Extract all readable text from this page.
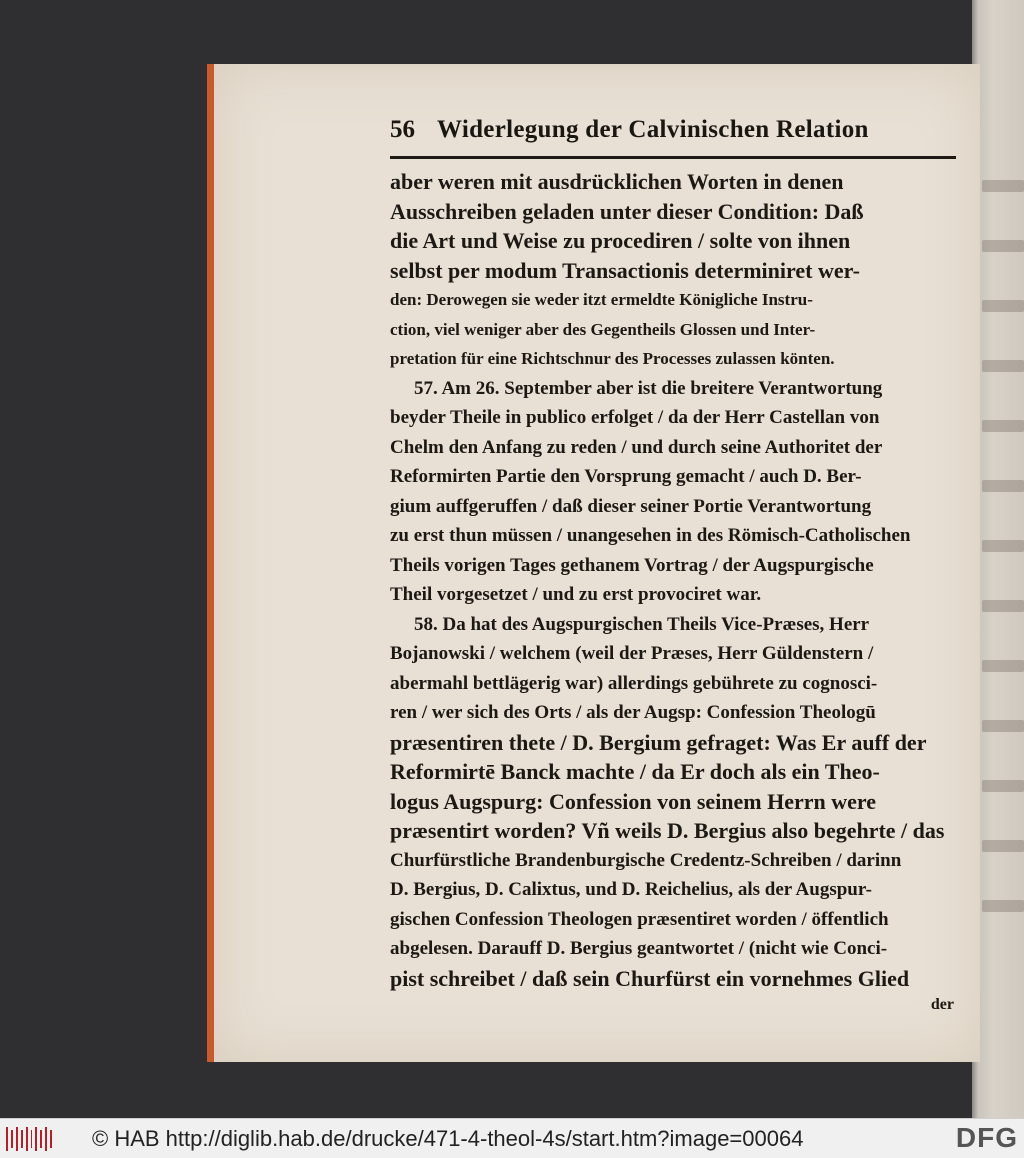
56 Widerlegung der Calvinischen Relation
aber weren mit ausdrücklichen Worten in denen
Ausschreiben geladen unter dieser Condition: Daß
die Art und Weise zu procediren / solte von ihnen
selbst per modum Transactionis determiniret wer-
den: Derowegen sie weder itzt ermeldte Königliche Instru-
ction, viel weniger aber des Gegentheils Glossen und Inter-
pretation für eine Richtschnur des Processes zulassen könten.
57. Am 26. September aber ist die breitere Verantwortung
beyder Theile in publico erfolget / da der Herr Castellan von
Chelm den Anfang zu reden / und durch seine Authoritet der
Reformirten Partie den Vorsprung gemacht / auch D. Ber-
gium auffgeruffen / daß dieser seiner Portie Verantwortung
zu erst thun müssen / unangesehen in des Römisch-Catholischen
Theils vorigen Tages gethanem Vortrag / der Augspurgische
Theil vorgesetzet / und zu erst provociret war.
58. Da hat des Augspurgischen Theils Vice-Præses, Herr
Bojanowski / welchem (weil der Præses, Herr Güldenstern /
abermahl bettlägerig war) allerdings gebührete zu cognosci-
ren / wer sich des Orts / als der Augsp: Confession Theologū
præsentiren thete / D. Bergium gefraget: Was Er auff der
Reformirtē Banck machte / da Er doch als ein Theo-
logus Augspurg: Confession von seinem Herrn were
præsentirt worden? Vñ weils D. Bergius also begehrte / das
Churfürstliche Brandenburgische Credentz-Schreiben / darinn
D. Bergius, D. Calixtus, und D. Reichelius, als der Augspur-
gischen Confession Theologen præsentiret worden / öffentlich
abgelesen. Darauff D. Bergius geantwortet / (nicht wie Conci-
pist schreibet / daß sein Churfürst ein vornehmes Glied
der
© HAB http://diglib.hab.de/drucke/471-4-theol-4s/start.htm?image=00064	DFG
